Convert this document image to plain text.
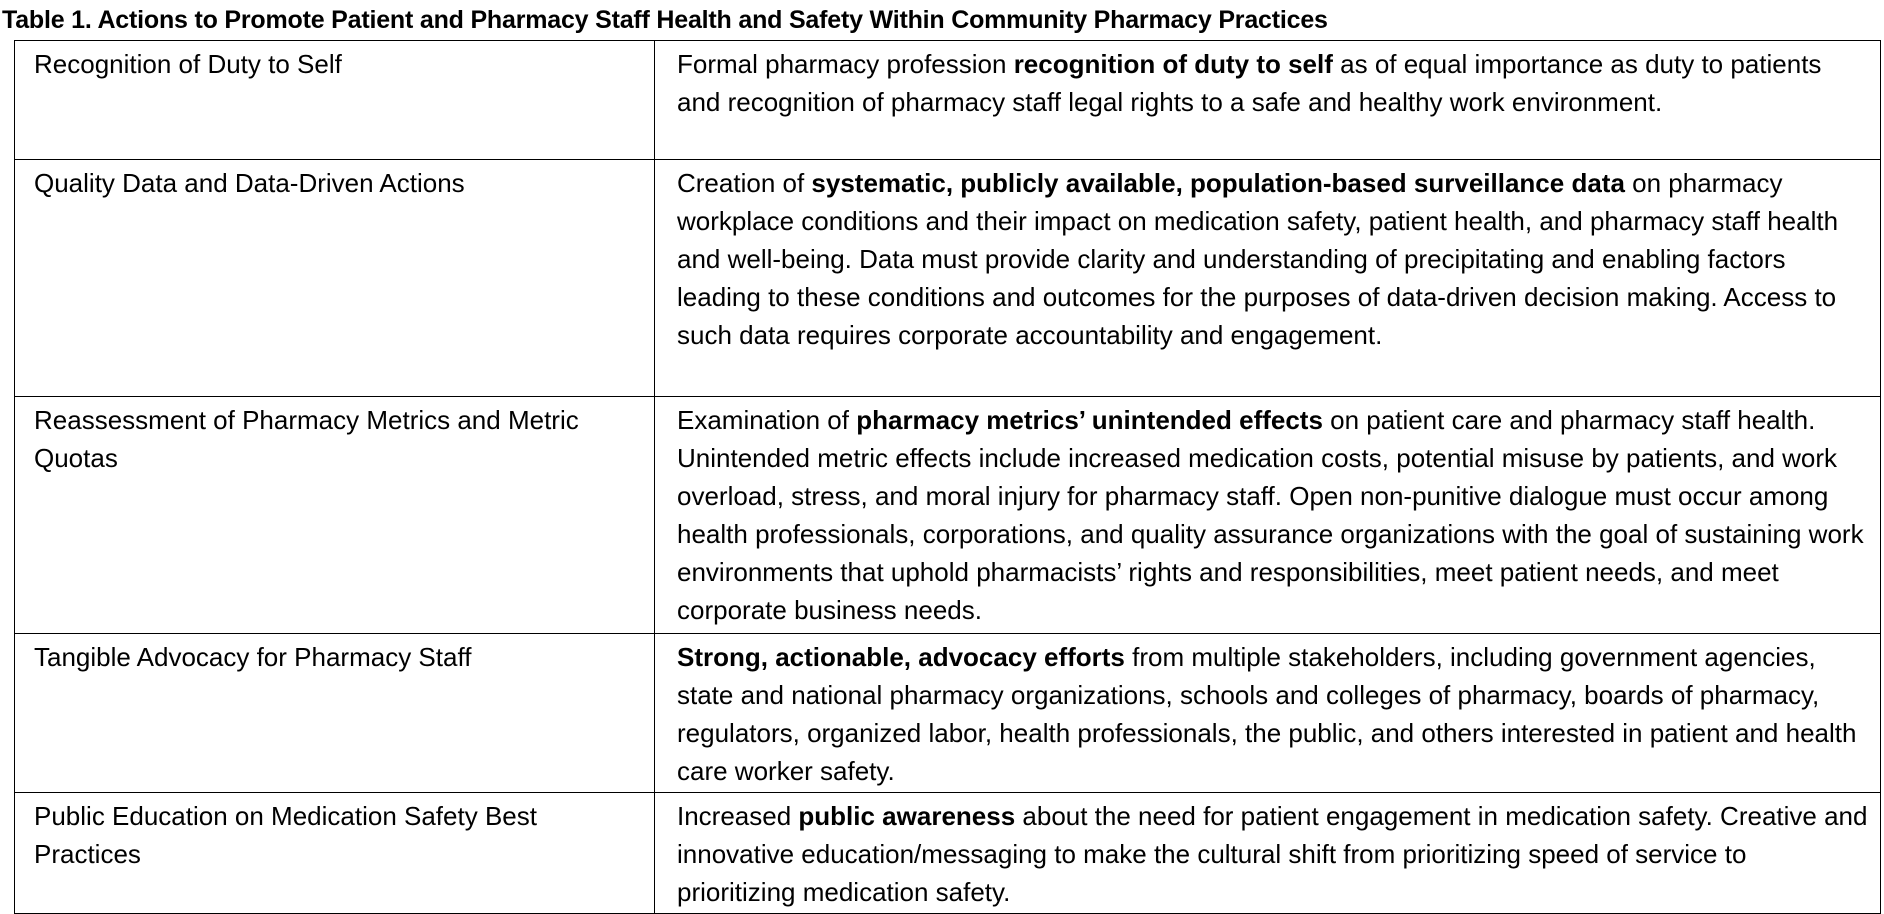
Table 1. Actions to Promote Patient and Pharmacy Staff Health and Safety Within Community Pharmacy Practices
Recognition of Duty to Self	Formal pharmacy profession recognition of duty to self as of equal importance as duty to patients and recognition of pharmacy staff legal rights to a safe and healthy work environment.
Quality Data and Data-Driven Actions	Creation of systematic, publicly available, population-based surveillance data on pharmacy workplace conditions and their impact on medication safety, patient health, and pharmacy staff health and well-being. Data must provide clarity and understanding of precipitating and enabling factors leading to these conditions and outcomes for the purposes of data-driven decision making. Access to such data requires corporate accountability and engagement.
Reassessment of Pharmacy Metrics and Metric Quotas	Examination of pharmacy metrics’ unintended effects on patient care and pharmacy staff health. Unintended metric effects include increased medication costs, potential misuse by patients, and work overload, stress, and moral injury for pharmacy staff. Open non-punitive dialogue must occur among health professionals, corporations, and quality assurance organizations with the goal of sustaining work environments that uphold pharmacists’ rights and responsibilities, meet patient needs, and meet corporate business needs.
Tangible Advocacy for Pharmacy Staff	Strong, actionable, advocacy efforts from multiple stakeholders, including government agencies, state and national pharmacy organizations, schools and colleges of pharmacy, boards of pharmacy, regulators, organized labor, health professionals, the public, and others interested in patient and health care worker safety.
Public Education on Medication Safety Best Practices	Increased public awareness about the need for patient engagement in medication safety. Creative and innovative education/messaging to make the cultural shift from prioritizing speed of service to prioritizing medication safety.
